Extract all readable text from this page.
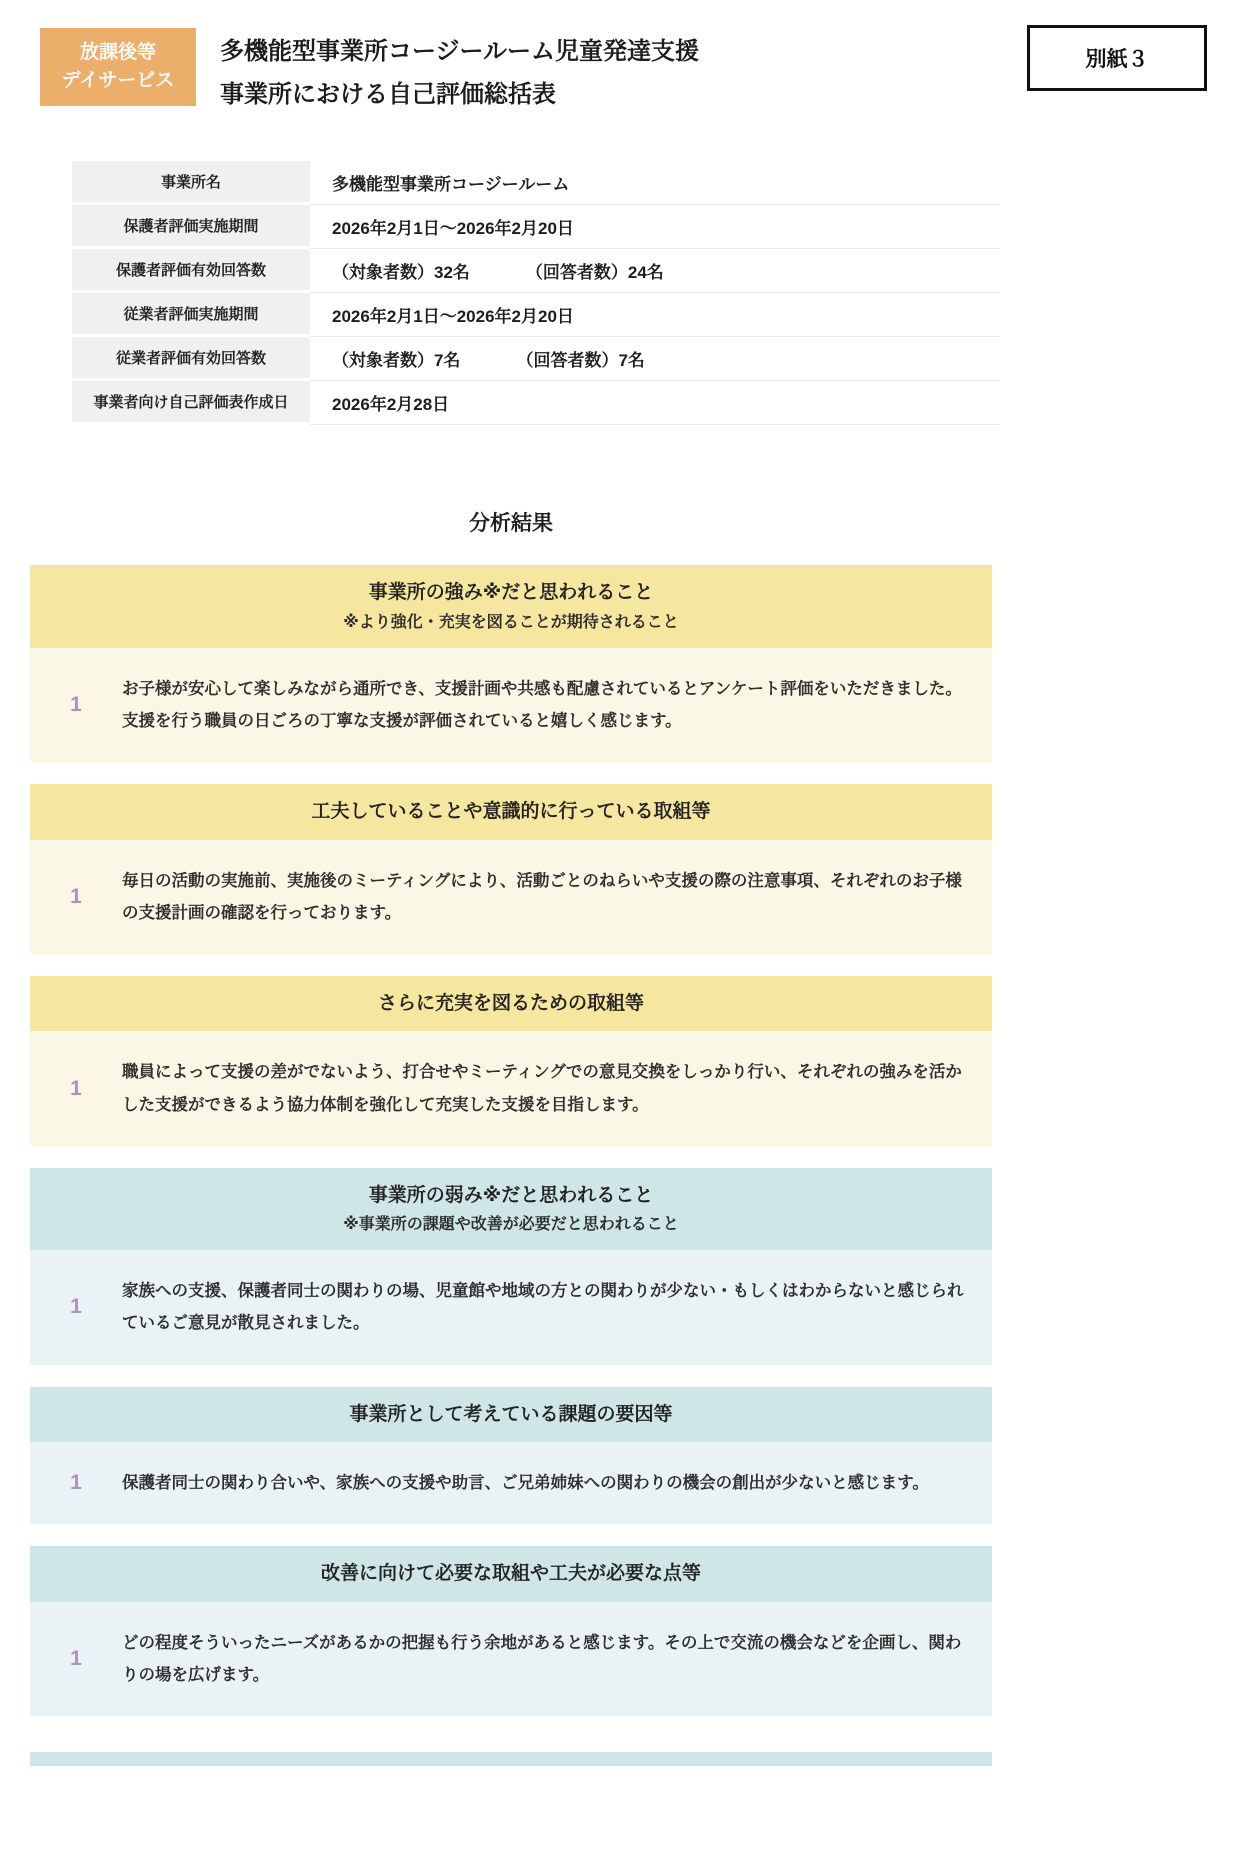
放課後等
デイサービス
多機能型事業所コージールーム児童発達支援
事業所における自己評価総括表
別紙３
事業所名	多機能型事業所コージールーム
保護者評価実施期間	2026年2月1日〜2026年2月20日
保護者評価有効回答数	（対象者数）32名	（回答者数）24名
従業者評価実施期間	2026年2月1日〜2026年2月20日
従業者評価有効回答数	（対象者数）7名	（回答者数）7名
事業者向け自己評価表作成日	2026年2月28日
分析結果
事業所の強み※だと思われること
※より強化・充実を図ることが期待されること
1
お子様が安心して楽しみながら通所でき、支援計画や共感も配慮されているとアンケート評価をいただきました。支援を行う職員の日ごろの丁寧な支援が評価されていると嬉しく感じます。
工夫していることや意識的に行っている取組等
1
毎日の活動の実施前、実施後のミーティングにより、活動ごとのねらいや支援の際の注意事項、それぞれのお子様の支援計画の確認を行っております。
さらに充実を図るための取組等
1
職員によって支援の差がでないよう、打合せやミーティングでの意見交換をしっかり行い、それぞれの強みを活かした支援ができるよう協力体制を強化して充実した支援を目指します。
事業所の弱み※だと思われること
※事業所の課題や改善が必要だと思われること
1
家族への支援、保護者同士の関わりの場、児童館や地域の方との関わりが少ない・もしくはわからないと感じられているご意見が散見されました。
事業所として考えている課題の要因等
1	保護者同士の関わり合いや、家族への支援や助言、ご兄弟姉妹への関わりの機会の創出が少ないと感じます。
改善に向けて必要な取組や工夫が必要な点等
1
どの程度そういったニーズがあるかの把握も行う余地があると感じます。その上で交流の機会などを企画し、関わりの場を広げます。
